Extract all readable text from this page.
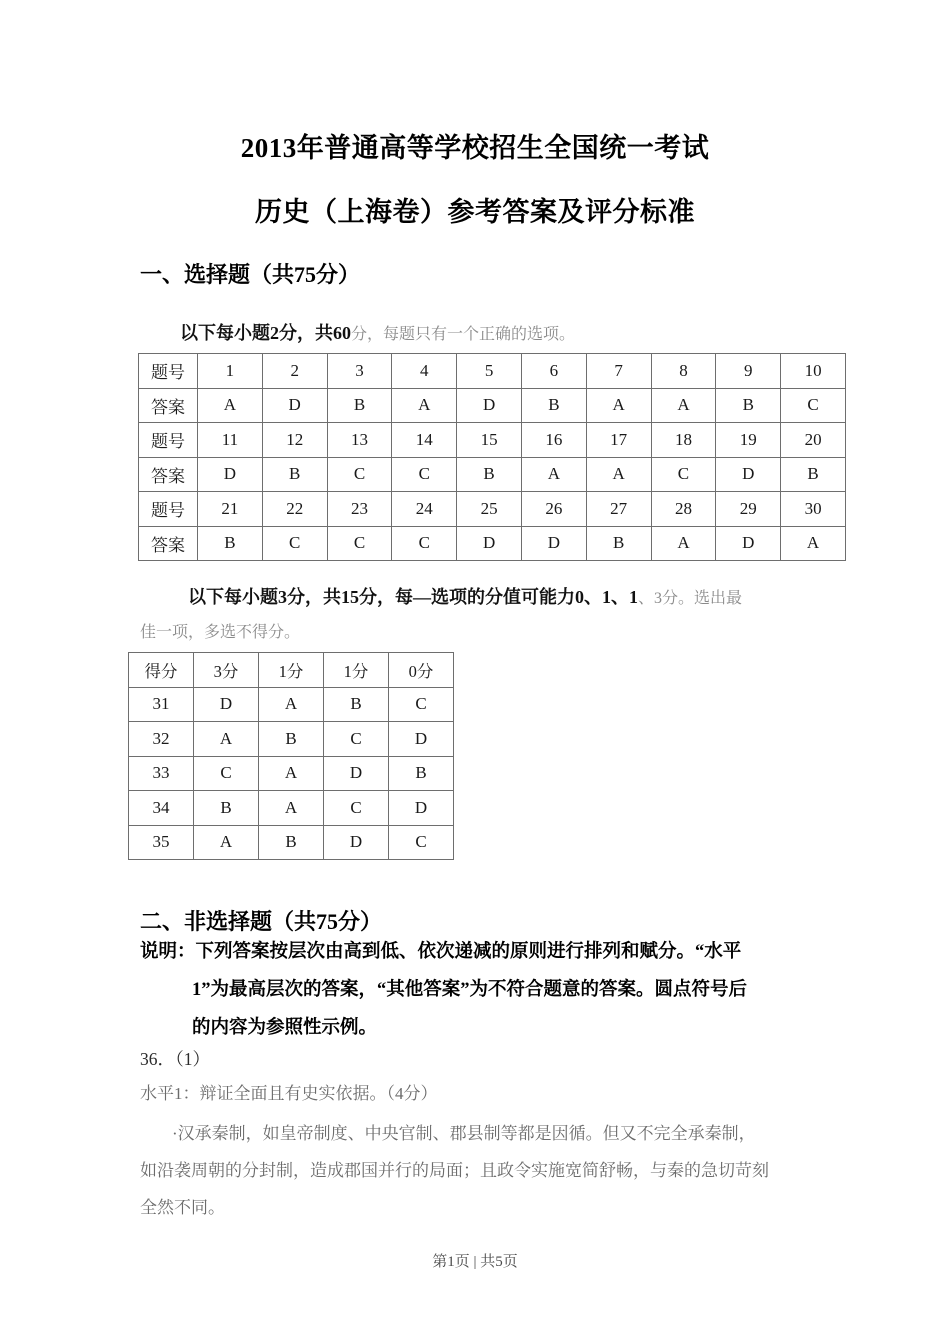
2013年普通高等学校招生全国统一考试
历史（上海卷）参考答案及评分标准
一、选择题（共75分）
以下每小题2分，共60分，每题只有一个正确的选项。
题号	1	2	3	4	5	6	7	8	9	10
答案	A	D	B	A	D	B	A	A	B	C
题号	11	12	13	14	15	16	17	18	19	20
答案	D	B	C	C	B	A	A	C	D	B
题号	21	22	23	24	25	26	27	28	29	30
答案	B	C	C	C	D	D	B	A	D	A
以下每小题3分，共15分，每—选项的分值可能力0、1、1、3分。选出最
佳一项，多选不得分。
得分	3分	1分	1分	0分
31	D	A	B	C
32	A	B	C	D
33	C	A	D	B
34	B	A	C	D
35	A	B	D	C
二、非选择题（共75分）
说明：下列答案按层次由高到低、依次递减的原则进行排列和赋分。“水平
1”为最高层次的答案，“其他答案”为不符合题意的答案。圆点符号后
的内容为参照性示例。
36．（1）
水平1：辩证全面且有史实依据。（4分）
·汉承秦制，如皇帝制度、中央官制、郡县制等都是因循。但又不完全承秦制，
如沿袭周朝的分封制，造成郡国并行的局面；且政令实施宽简舒畅，与秦的急切苛刻
全然不同。
第1页 | 共5页
